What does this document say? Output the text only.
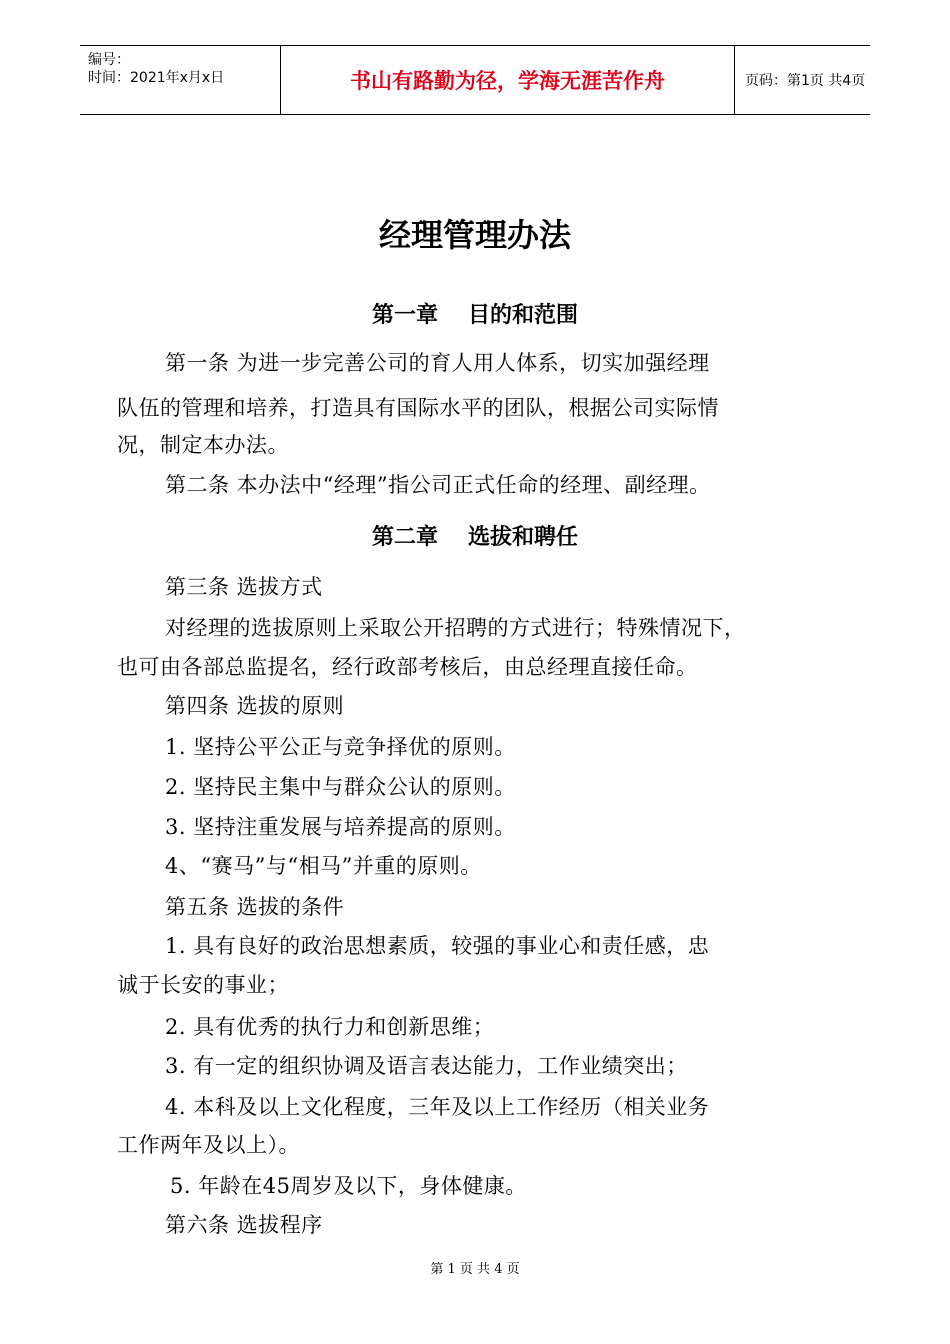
编号：
时间：2021年x月x日	书山有路勤为径，学海无涯苦作舟	页码：第1页 共4页
经理管理办法
第一章 目的和范围
第一条 为进一步完善公司的育人用人体系，切实加强经理
队伍的管理和培养，打造具有国际水平的团队，根据公司实际情
况，制定本办法。
第二条 本办法中“经理”指公司正式任命的经理、副经理。
第二章 选拔和聘任
第三条 选拔方式
对经理的选拔原则上采取公开招聘的方式进行；特殊情况下，
也可由各部总监提名，经行政部考核后，由总经理直接任命。
第四条 选拔的原则
1. 坚持公平公正与竞争择优的原则。
2. 坚持民主集中与群众公认的原则。
3. 坚持注重发展与培养提高的原则。
4、“赛马”与“相马”并重的原则。
第五条 选拔的条件
1. 具有良好的政治思想素质，较强的事业心和责任感，忠
诚于长安的事业；
2. 具有优秀的执行力和创新思维；
3. 有一定的组织协调及语言表达能力，工作业绩突出；
4. 本科及以上文化程度，三年及以上工作经历（相关业务
工作两年及以上）。
5. 年龄在45周岁及以下，身体健康。
第六条 选拔程序
第 1 页 共 4 页
